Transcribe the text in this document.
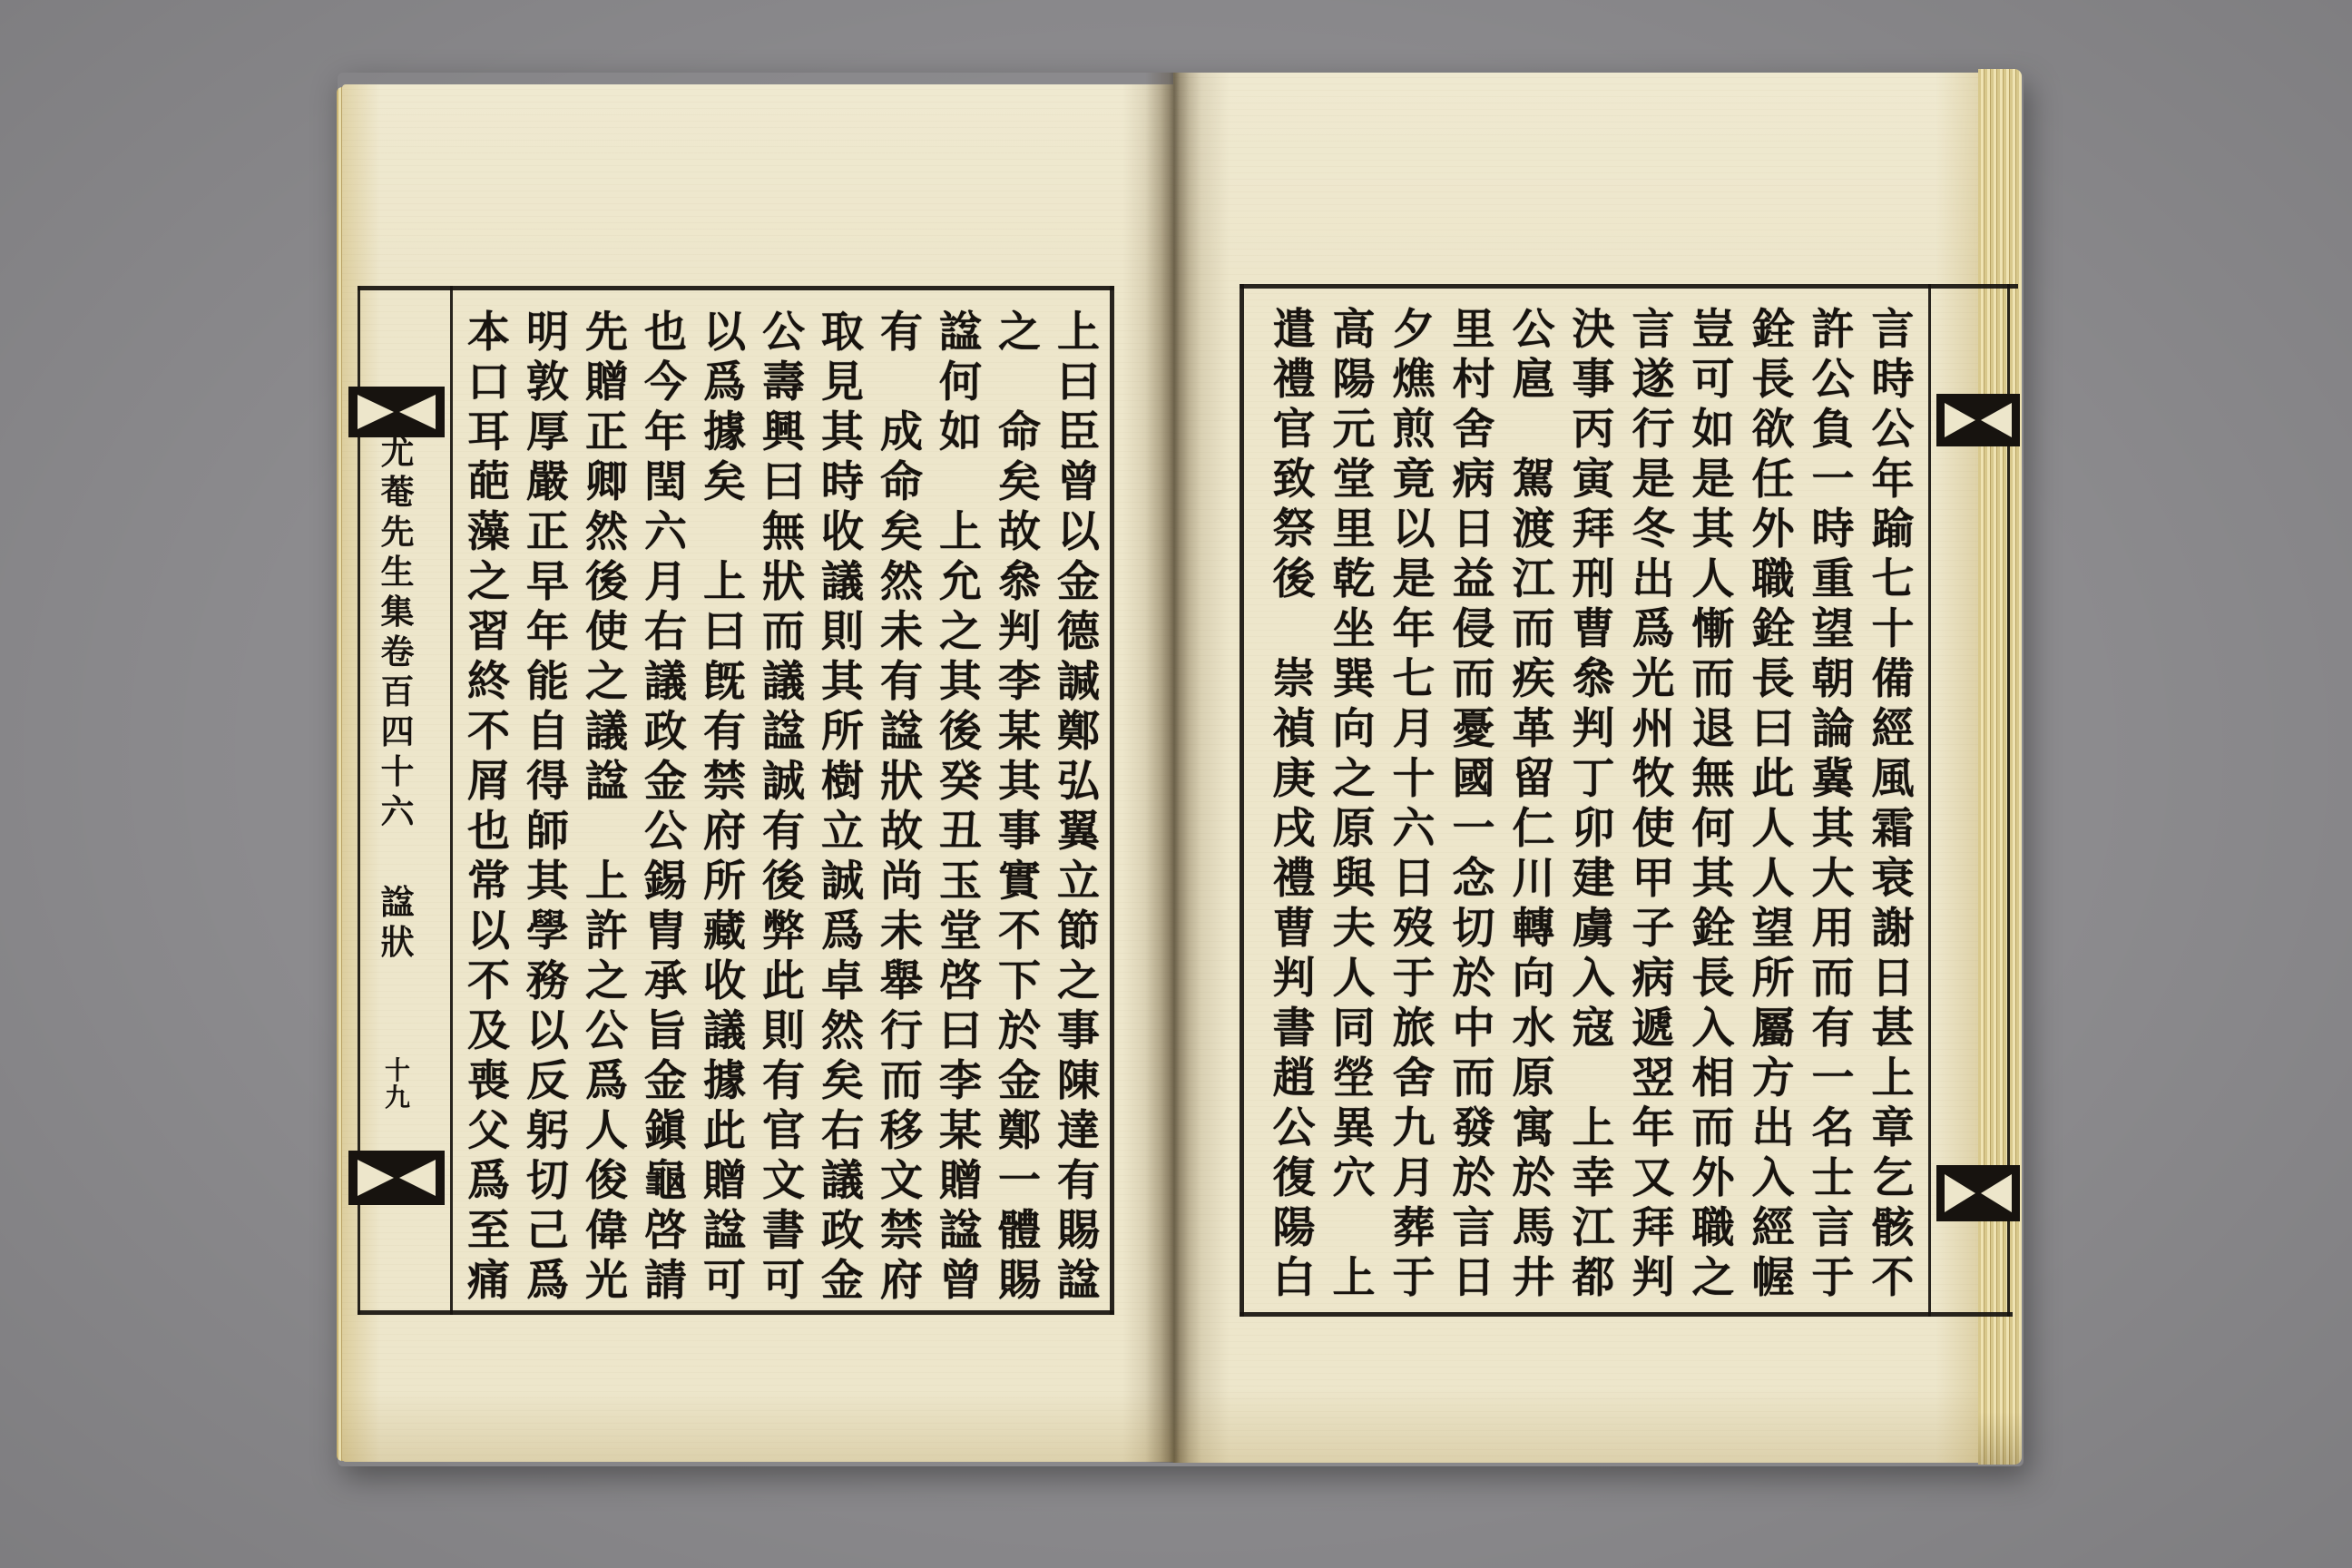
尤
菴
先
生
集
卷
百
四
十
六
諡
狀
十
九
上
曰
臣
曾
以
金
德
諴
鄭
弘
翼
立
節
之
事
陳
達
有
賜
諡
之

命
矣
故
叅
判
李
某
其
事
實
不
下
於
金
鄭
一
體
賜
諡
何
如

上
允
之
其
後
癸
丑
玉
堂
啓
曰
李
某
贈
諡
曾
有

成
命
矣
然
未
有
諡
狀
故
尚
未
舉
行
而
移
文
禁
府
取
見
其
時
收
議
則
其
所
樹
立
誠
爲
卓
然
矣
右
議
政
金
公
壽
興
曰
無
狀
而
議
諡
誠
有
後
弊
此
則
有
官
文
書
可
以
爲
據
矣

上
曰
旣
有
禁
府
所
藏
收
議
據
此
贈
諡
可
也
今
年
閏
六
月
右
議
政
金
公
錫
胄
承
旨
金
鎭
龜
啓
請
先
贈
正
卿
然
後
使
之
議
諡

上
許
之
公
爲
人
俊
偉
光
明
敦
厚
嚴
正
早
年
能
自
得
師
其
學
務
以
反
躬
切
己
爲
本
口
耳
葩
藻
之
習
終
不
屑
也
常
以
不
及
喪
父
爲
至
痛
言
時
公
年
踰
七
十
備
經
風
霜
衰
謝
日
甚
上
章
乞
骸
不
許
公
負
一
時
重
望
朝
論
冀
其
大
用
而
有
一
名
士
言
于
銓
長
欲
任
外
職
銓
長
曰
此
人
人
望
所
屬
方
出
入
經
幄
豈
可
如
是
其
人
慚
而
退
無
何
其
銓
長
入
相
而
外
職
之
言
遂
行
是
冬
出
爲
光
州
牧
使
甲
子
病
遞
翌
年
又
拜
判
決
事
丙
寅
拜
刑
曹
叅
判
丁
卯
建
虜
入
寇

上
幸
江
都
公
扈

駕
渡
江
而
疾
革
留
仁
川
轉
向
水
原
寓
於
馬
井
里
村
舍
病
日
益
侵
而
憂
國
一
念
切
於
中
而
發
於
言
日
夕
燋
煎
竟
以
是
年
七
月
十
六
日
歿
于
旅
舍
九
月
葬
于
高
陽
元
堂
里
乾
坐
巽
向
之
原
與
夫
人
同
塋
異
穴

上
遣
禮
官
致
祭
後

崇
禎
庚
戌
禮
曹
判
書
趙
公
復
陽
白
